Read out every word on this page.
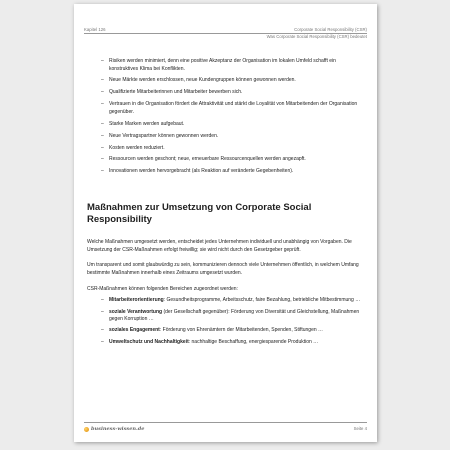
Kapitel 126	Corporate Social Responsibility (CSR)
Was Corporate Social Responsibility (CSR) bedeutet
– Risiken werden minimiert, denn eine positive Akzeptanz der Organisation im lokalen Umfeld schafft ein konstruktives Klima bei Konflikten.
– Neue Märkte werden erschlossen, neue Kundengruppen können gewonnen werden.
– Qualifizierte Mitarbeiterinnen und Mitarbeiter bewerben sich.
– Vertrauen in die Organisation fördert die Attraktivität und stärkt die Loyalität von Mitarbeitenden der Organisation gegenüber.
– Starke Marken werden aufgebaut.
– Neue Vertragspartner können gewonnen werden.
– Kosten werden reduziert.
– Ressourcen werden geschont; neue, erneuerbare Ressourcenquellen werden angezapft.
– Innovationen werden hervorgebracht (als Reaktion auf veränderte Gegebenheiten).
Maßnahmen zur Umsetzung von Corporate Social Responsibility

Welche Maßnahmen umgesetzt werden, entscheidet jedes Unternehmen individuell und unabhängig von Vorgaben. Die Umsetzung der CSR-Maßnahmen erfolgt freiwillig; sie wird nicht durch den Gesetzgeber geprüft.

Um transparent und somit glaubwürdig zu sein, kommunizieren dennoch viele Unternehmen öffentlich, in welchem Umfang bestimmte Maßnahmen innerhalb eines Zeitraums umgesetzt wurden.

CSR-Maßnahmen können folgenden Bereichen zugeordnet werden:

– Mitarbeiterorientierung: Gesundheitsprogramme, Arbeitsschutz, faire Bezahlung, betriebliche Mitbestimmung …
– soziale Verantwortung (der Gesellschaft gegenüber): Förderung von Diversität und Gleichstellung, Maßnahmen gegen Korruption …
– soziales Engagement: Förderung von Ehrenämtern der Mitarbeitenden, Spenden, Stiftungen …
– Umweltschutz und Nachhaltigkeit: nachhaltige Beschaffung, energiesparende Produktion …
business-wissen.de	Seite 4
